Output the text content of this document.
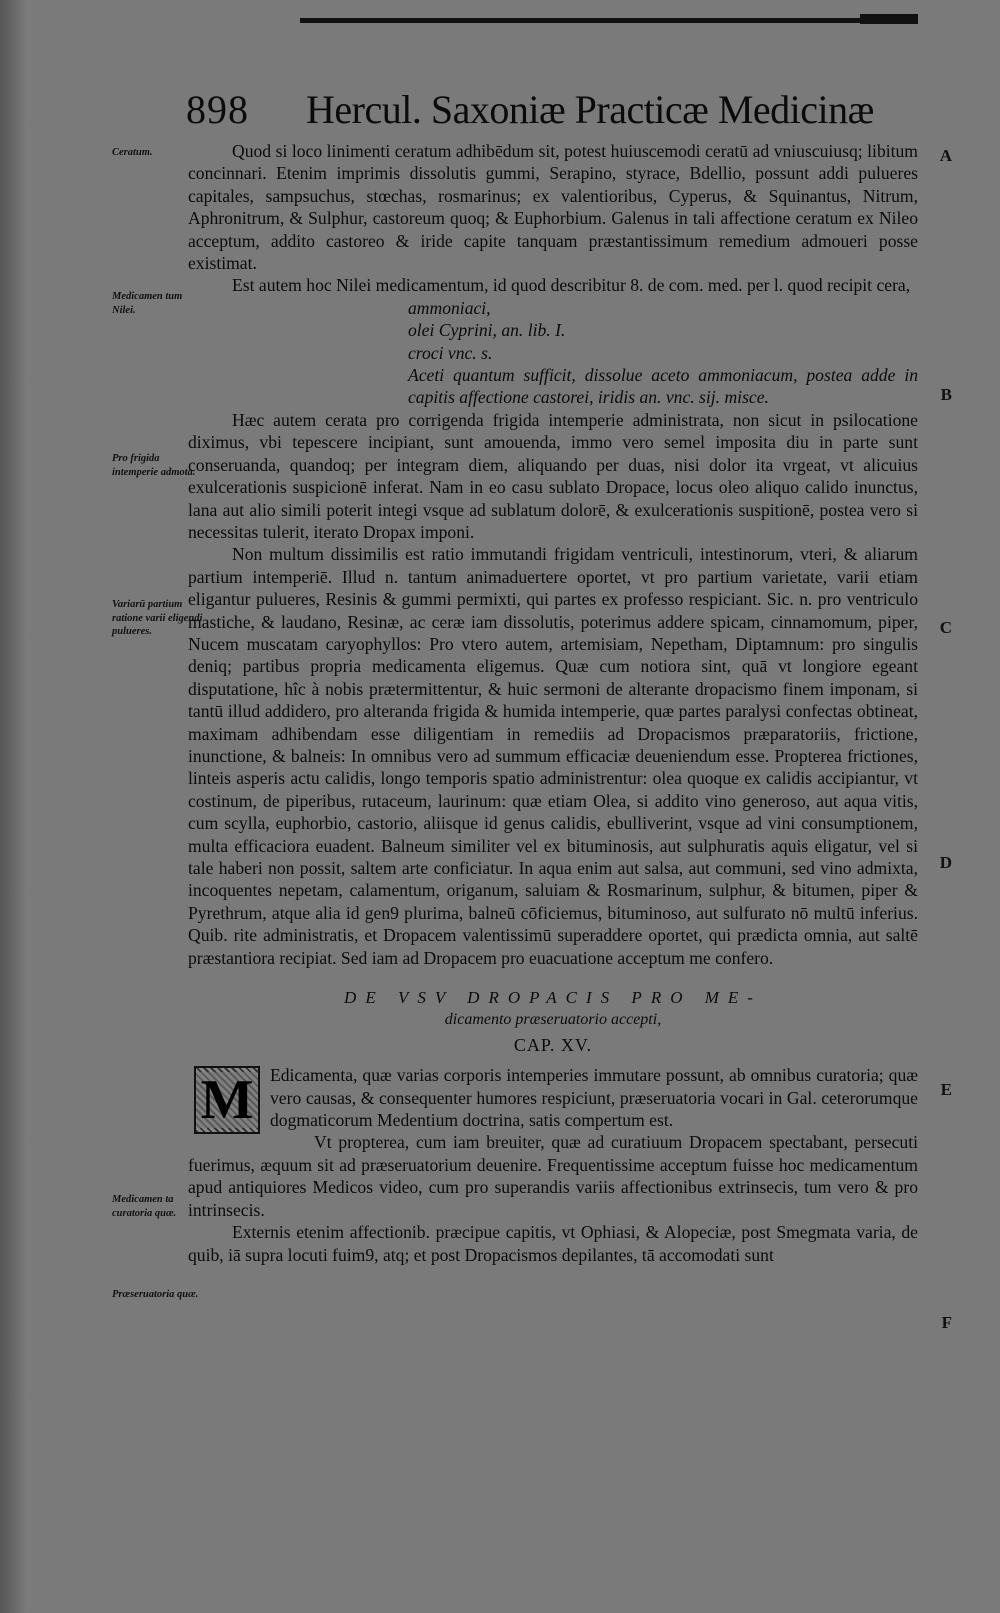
898 Hercul. Saxoniæ Practicæ Medicinæ
Ceratum.
Medicamen tum Nilei.
Pro frigida intemperie admota.
Variarū partium ratione varii eligendi pulueres.
Medicamen ta curatoria quæ.
Præseruatoria quæ.
A
B
C
D
E
F

Quod si loco linimenti ceratum adhibēdum sit, potest huiuscemodi ceratū ad vniuscuiusq; libitum concinnari. Etenim imprimis dissolutis gummi, Serapino, styrace, Bdellio, possunt addi pulueres capitales, sampsuchus, stœchas, rosmarinus; ex valentioribus, Cyperus, & Squinantus, Nitrum, Aphronitrum, & Sulphur, castoreum quoq; & Euphorbium. Galenus in tali affectione ceratum ex Nileo acceptum, addito castoreo & iride capite tanquam præstantissimum remedium admoueri posse existimat.

Est autem hoc Nilei medicamentum, id quod describitur 8. de com. med. per l. quod recipit cera,

ammoniaci,

olei Cyprini, an. lib. I.

croci vnc. s.

Aceti quantum sufficit, dissolue aceto ammoniacum, postea adde in capitis affectione castorei, iridis an. vnc. sij. misce.

Hæc autem cerata pro corrigenda frigida intemperie administrata, non sicut in psilocatione diximus, vbi tepescere incipiant, sunt amouenda, immo vero semel imposita diu in parte sunt conseruanda, quandoq; per integram diem, aliquando per duas, nisi dolor ita vrgeat, vt alicuius exulcerationis suspicionē inferat. Nam in eo casu sublato Dropace, locus oleo aliquo calido inunctus, lana aut alio simili poterit integi vsque ad sublatum dolorē, & exulcerationis suspitionē, postea vero si necessitas tulerit, iterato Dropax imponi.

Non multum dissimilis est ratio immutandi frigidam ventriculi, intestinorum, vteri, & aliarum partium intemperiē. Illud n. tantum animaduertere oportet, vt pro partium varietate, varii etiam eligantur pulueres, Resinis & gummi permixti, qui partes ex professo respiciant. Sic. n. pro ventriculo mastiche, & laudano, Resinæ, ac ceræ iam dissolutis, poterimus addere spicam, cinnamomum, piper, Nucem muscatam caryophyllos: Pro vtero autem, artemisiam, Nepetham, Diptamnum: pro singulis deniq; partibus propria medicamenta eligemus. Quæ cum notiora sint, quā vt longiore egeant disputatione, hîc à nobis prætermittentur, & huic sermoni de alterante dropacismo finem imponam, si tantū illud addidero, pro alteranda frigida & humida intemperie, quæ partes paralysi confectas obtineat, maximam adhibendam esse diligentiam in remediis ad Dropacismos præparatoriis, frictione, inunctione, & balneis: In omnibus vero ad summum efficaciæ deueniendum esse. Propterea frictiones, linteis asperis actu calidis, longo temporis spatio administrentur: olea quoque ex calidis accipiantur, vt costinum, de piperibus, rutaceum, laurinum: quæ etiam Olea, si addito vino generoso, aut aqua vitis, cum scylla, euphorbio, castorio, aliisque id genus calidis, ebulliverint, vsque ad vini consumptionem, multa efficaciora euadent. Balneum similiter vel ex bituminosis, aut sulphuratis aquis eligatur, vel si tale haberi non possit, saltem arte conficiatur. In aqua enim aut salsa, aut communi, sed vino admixta, incoquentes nepetam, calamentum, origanum, saluiam & Rosmarinum, sulphur, & bitumen, piper & Pyrethrum, atque alia id gen9 plurima, balneū cōficiemus, bituminoso, aut sulfurato nō multū inferius. Quib. rite administratis, et Dropacem valentissimū superaddere oportet, qui prædicta omnia, aut saltē præstantiora recipiat. Sed iam ad Dropacem pro euacuatione acceptum me confero.

DE VSV DROPACIS PRO ME-
dicamento præseruatorio accepti,
CAP. XV.
M Edicamenta, quæ varias corporis intemperies immutare possunt, ab omnibus curatoria; quæ vero causas, & consequenter humores respiciunt, præseruatoria vocari in Gal. ceterorumque dogmaticorum Medentium doctrina, satis compertum est.

Vt propterea, cum iam breuiter, quæ ad curatiuum Dropacem spectabant, persecuti fuerimus, æquum sit ad præseruatorium deuenire. Frequentissime acceptum fuisse hoc medicamentum apud antiquiores Medicos video, cum pro superandis variis affectionibus extrinsecis, tum vero & pro intrinsecis.

Externis etenim affectionib. præcipue capitis, vt Ophiasi, & Alopeciæ, post Smegmata varia, de quib, iā supra locuti fuim9, atq; et post Dropacismos depilantes, tā accomodati sunt
